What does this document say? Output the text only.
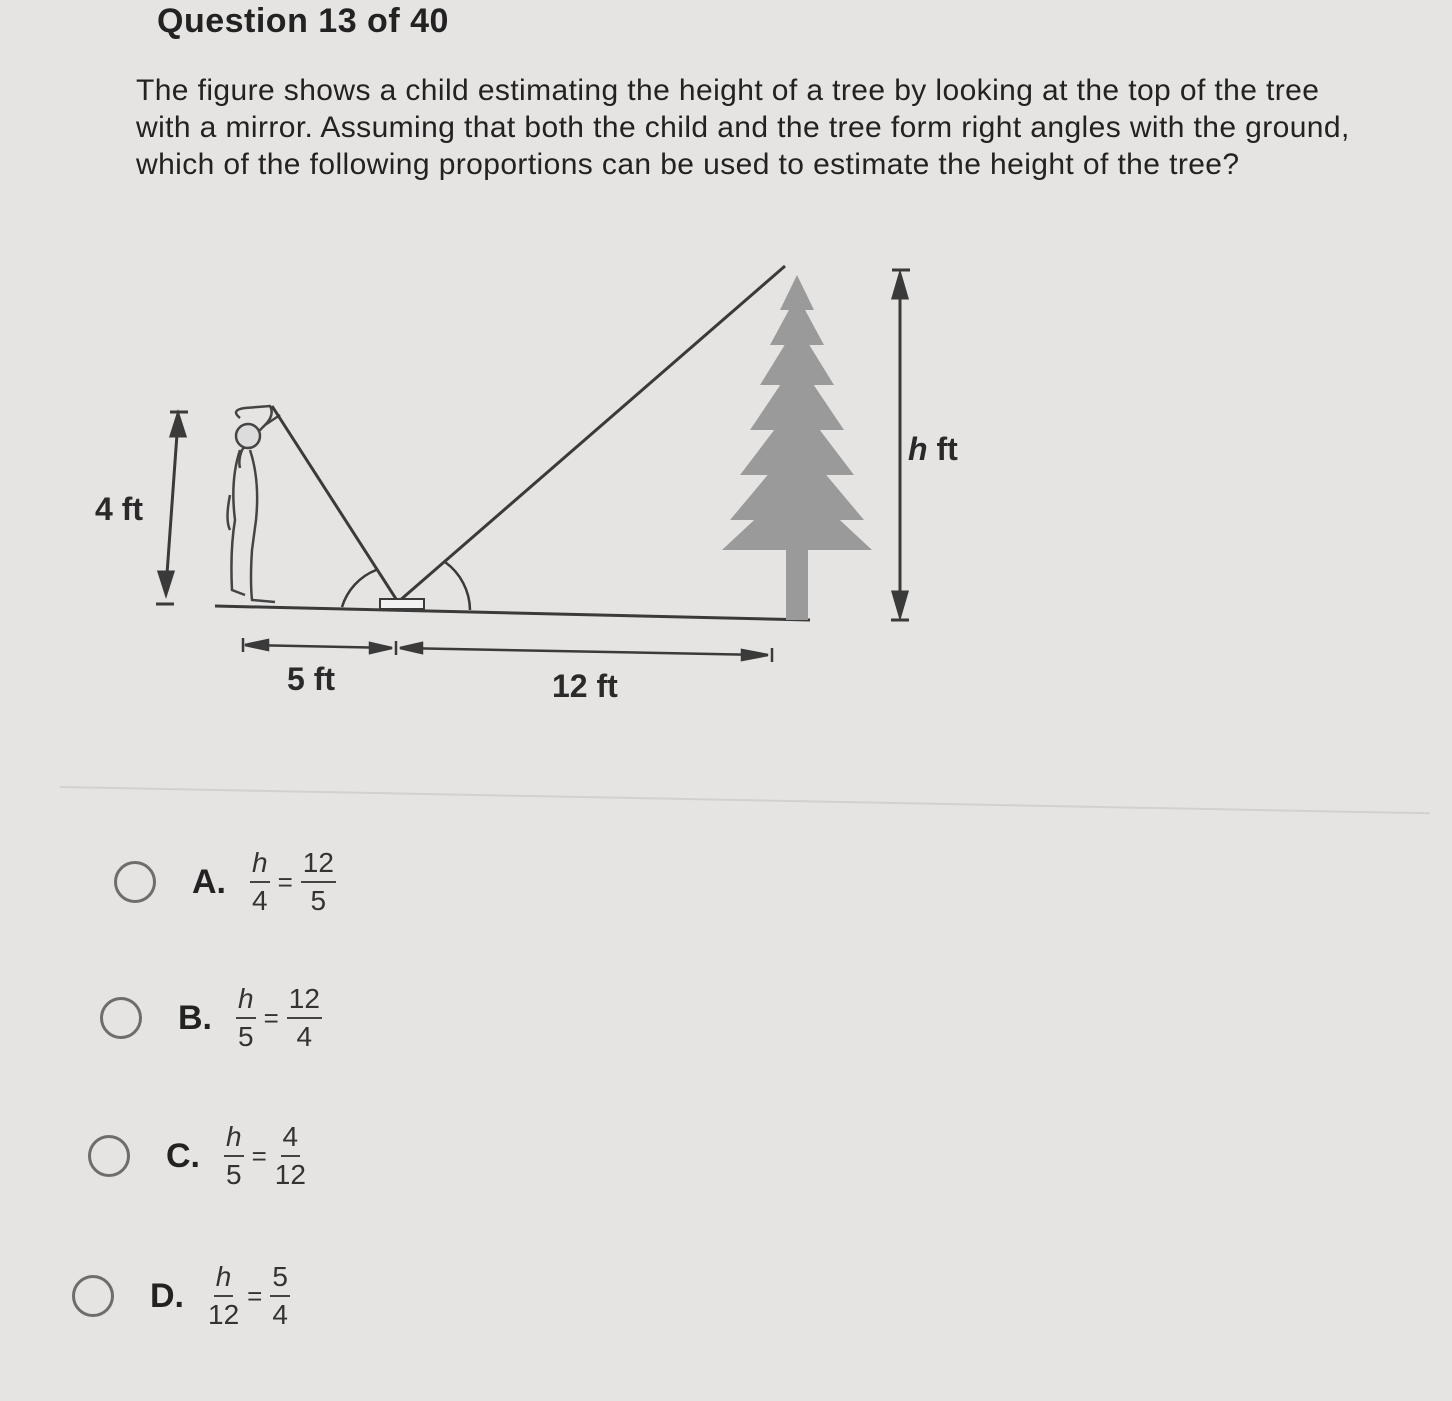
Question 13 of 40
The figure shows a child estimating the height of a tree by looking at the top of the tree with a mirror. Assuming that both the child and the tree form right angles with the ground, which of the following proportions can be used to estimate the height of the tree?
4 ft
h ft
5 ft	12 ft
A. $\frac{h}{4} = \frac{12}{5}$
B. $\frac{h}{5} = \frac{12}{4}$
C. $\frac{h}{5} = \frac{4}{12}$
D. $\frac{h}{12} = \frac{5}{4}$
